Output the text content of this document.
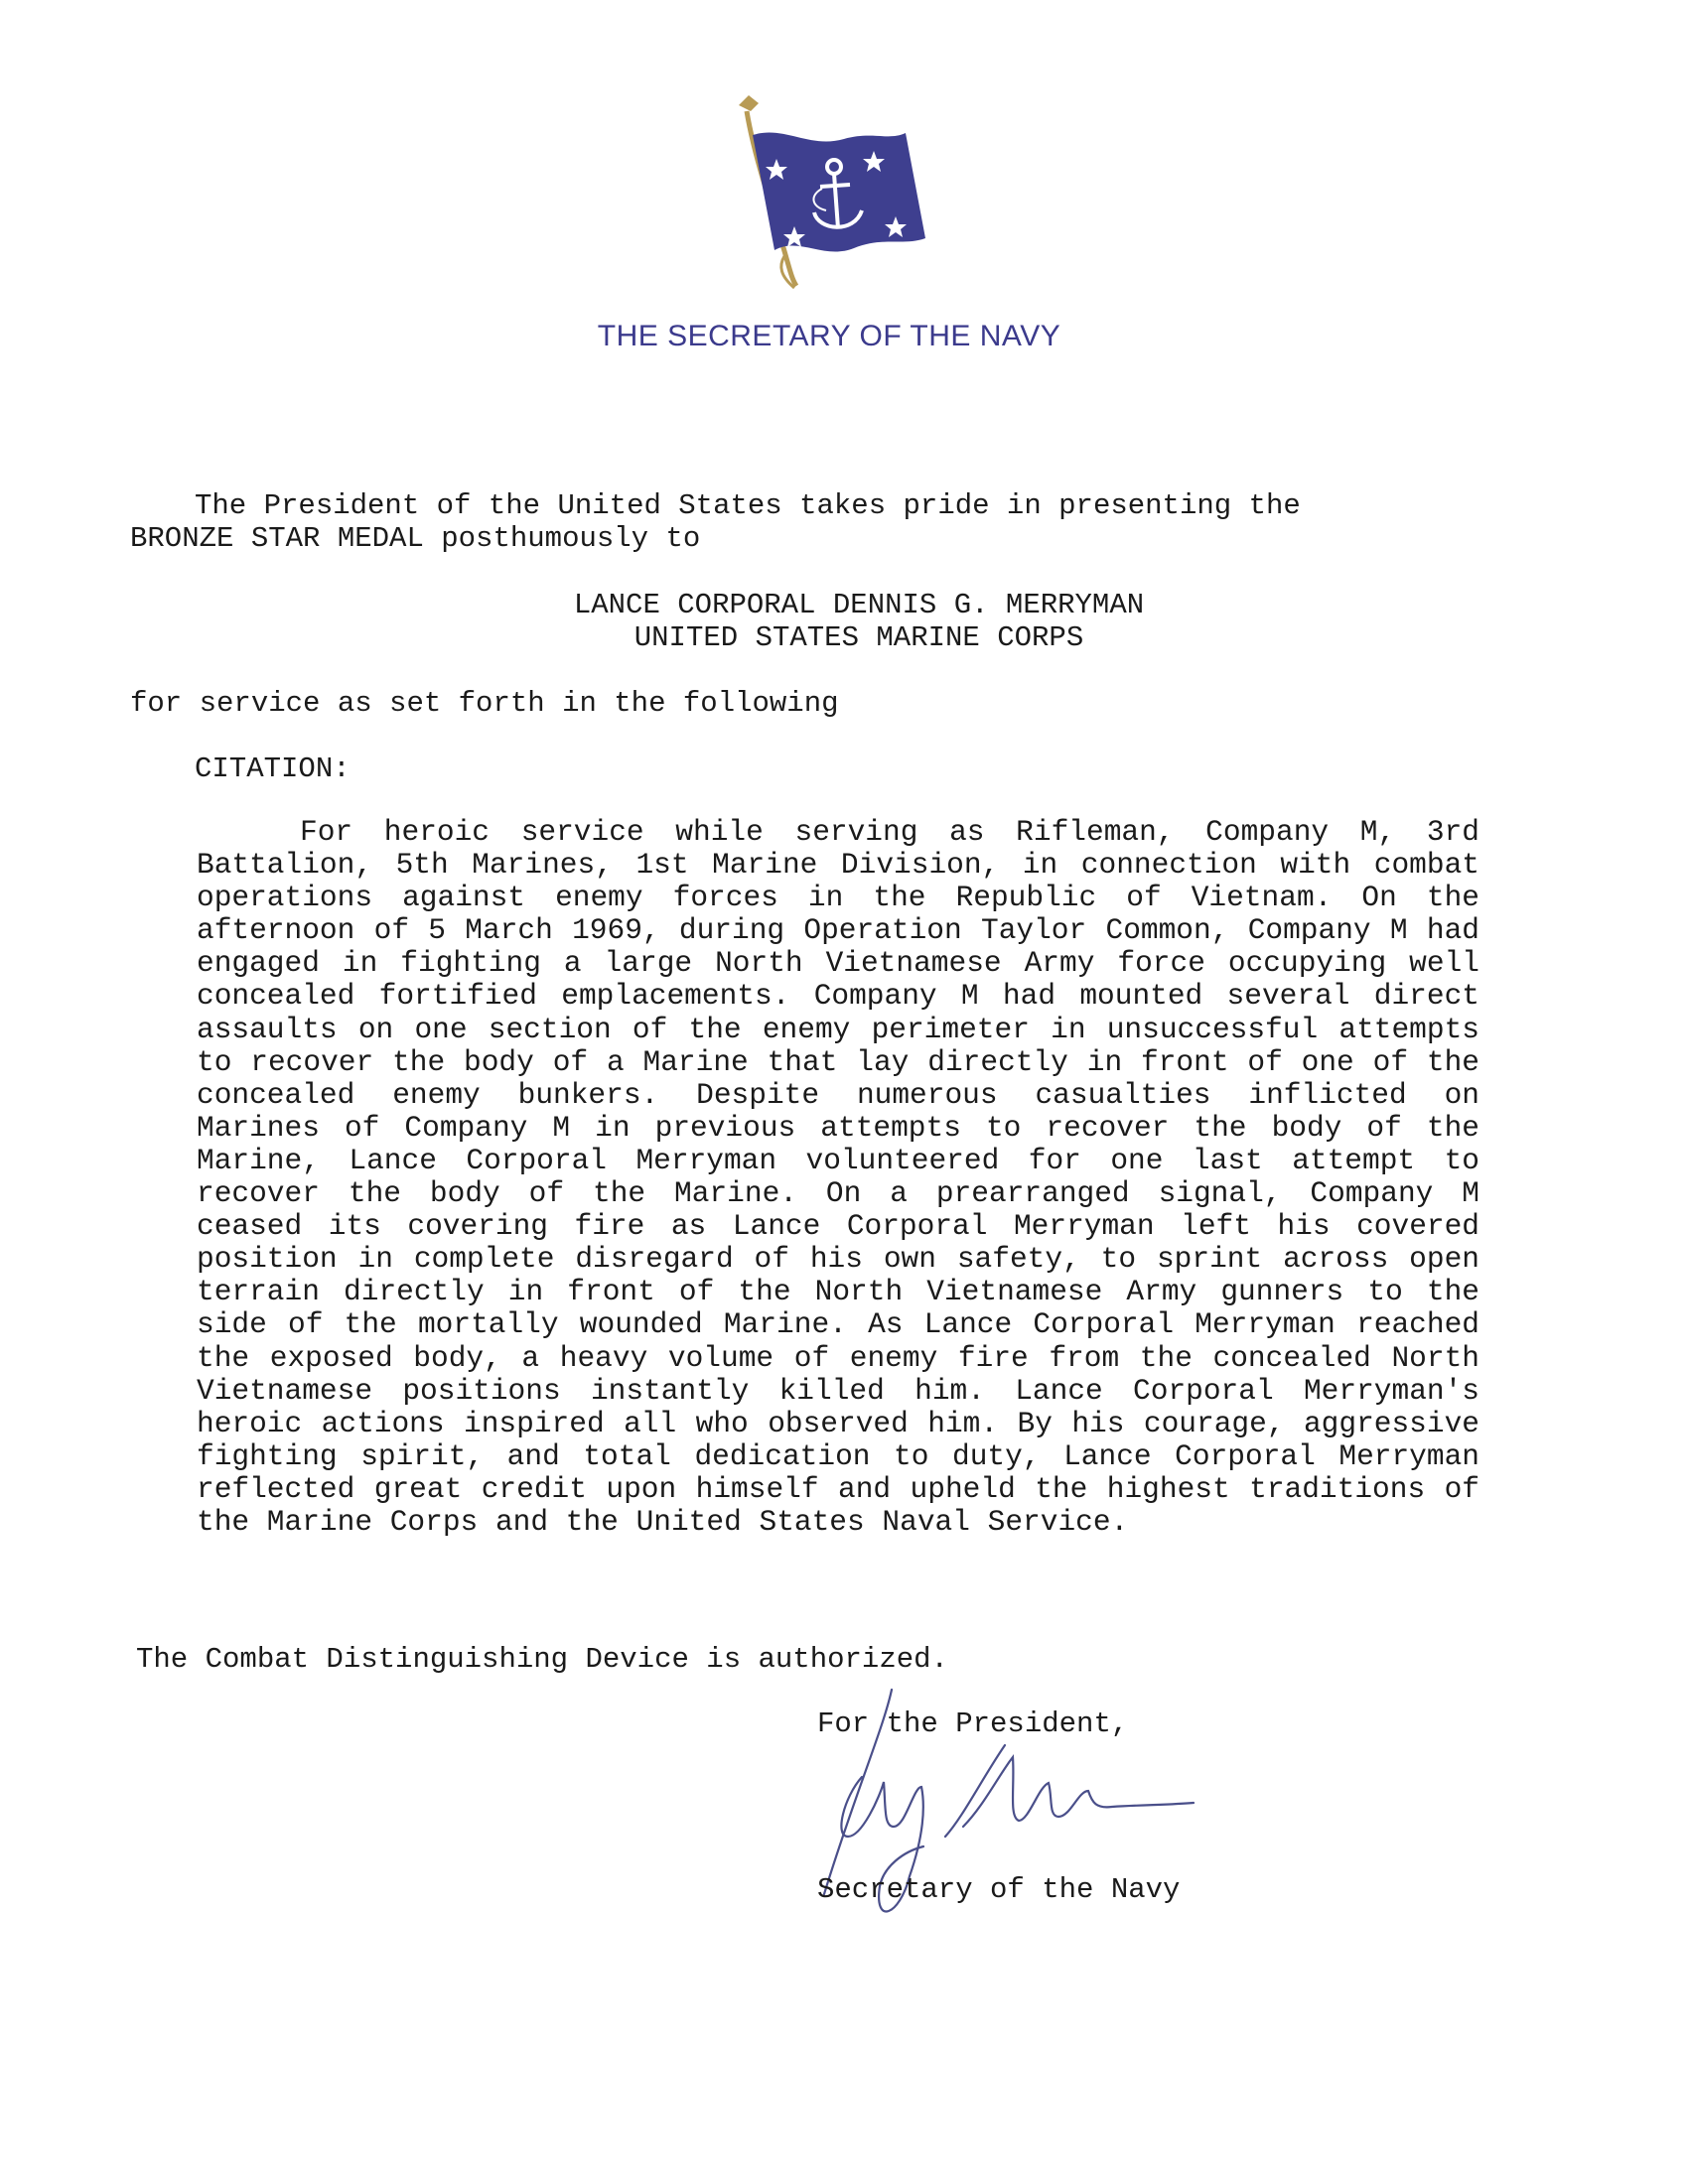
THE SECRETARY OF THE NAVY
The President of the United States takes pride in presenting the
BRONZE STAR MEDAL posthumously to
LANCE CORPORAL DENNIS G. MERRYMAN
UNITED STATES MARINE CORPS
for service as set forth in the following
CITATION:
For heroic service while serving as Rifleman, Company M, 3rd Battalion, 5th Marines, 1st Marine Division, in connection with combat operations against enemy forces in the Republic of Vietnam. On the afternoon of 5 March 1969, during Operation Taylor Common, Company M had engaged in fighting a large North Vietnamese Army force occupying well concealed fortified emplacements. Company M had mounted several direct assaults on one section of the enemy perimeter in unsuccessful attempts to recover the body of a Marine that lay directly in front of one of the concealed enemy bunkers. Despite numerous casualties inflicted on Marines of Company M in previous attempts to recover the body of the Marine, Lance Corporal Merryman volunteered for one last attempt to recover the body of the Marine. On a prearranged signal, Company M ceased its covering fire as Lance Corporal Merryman left his covered position in complete disregard of his own safety, to sprint across open terrain directly in front of the North Vietnamese Army gunners to the side of the mortally wounded Marine. As Lance Corporal Merryman reached the exposed body, a heavy volume of enemy fire from the concealed North Vietnamese positions instantly killed him. Lance Corporal Merryman's heroic actions inspired all who observed him. By his courage, aggressive fighting spirit, and total dedication to duty, Lance Corporal Merryman reflected great credit upon himself and upheld the highest traditions of the Marine Corps and the United States Naval Service.
The Combat Distinguishing Device is authorized.
For the President,
Secretary of the Navy
